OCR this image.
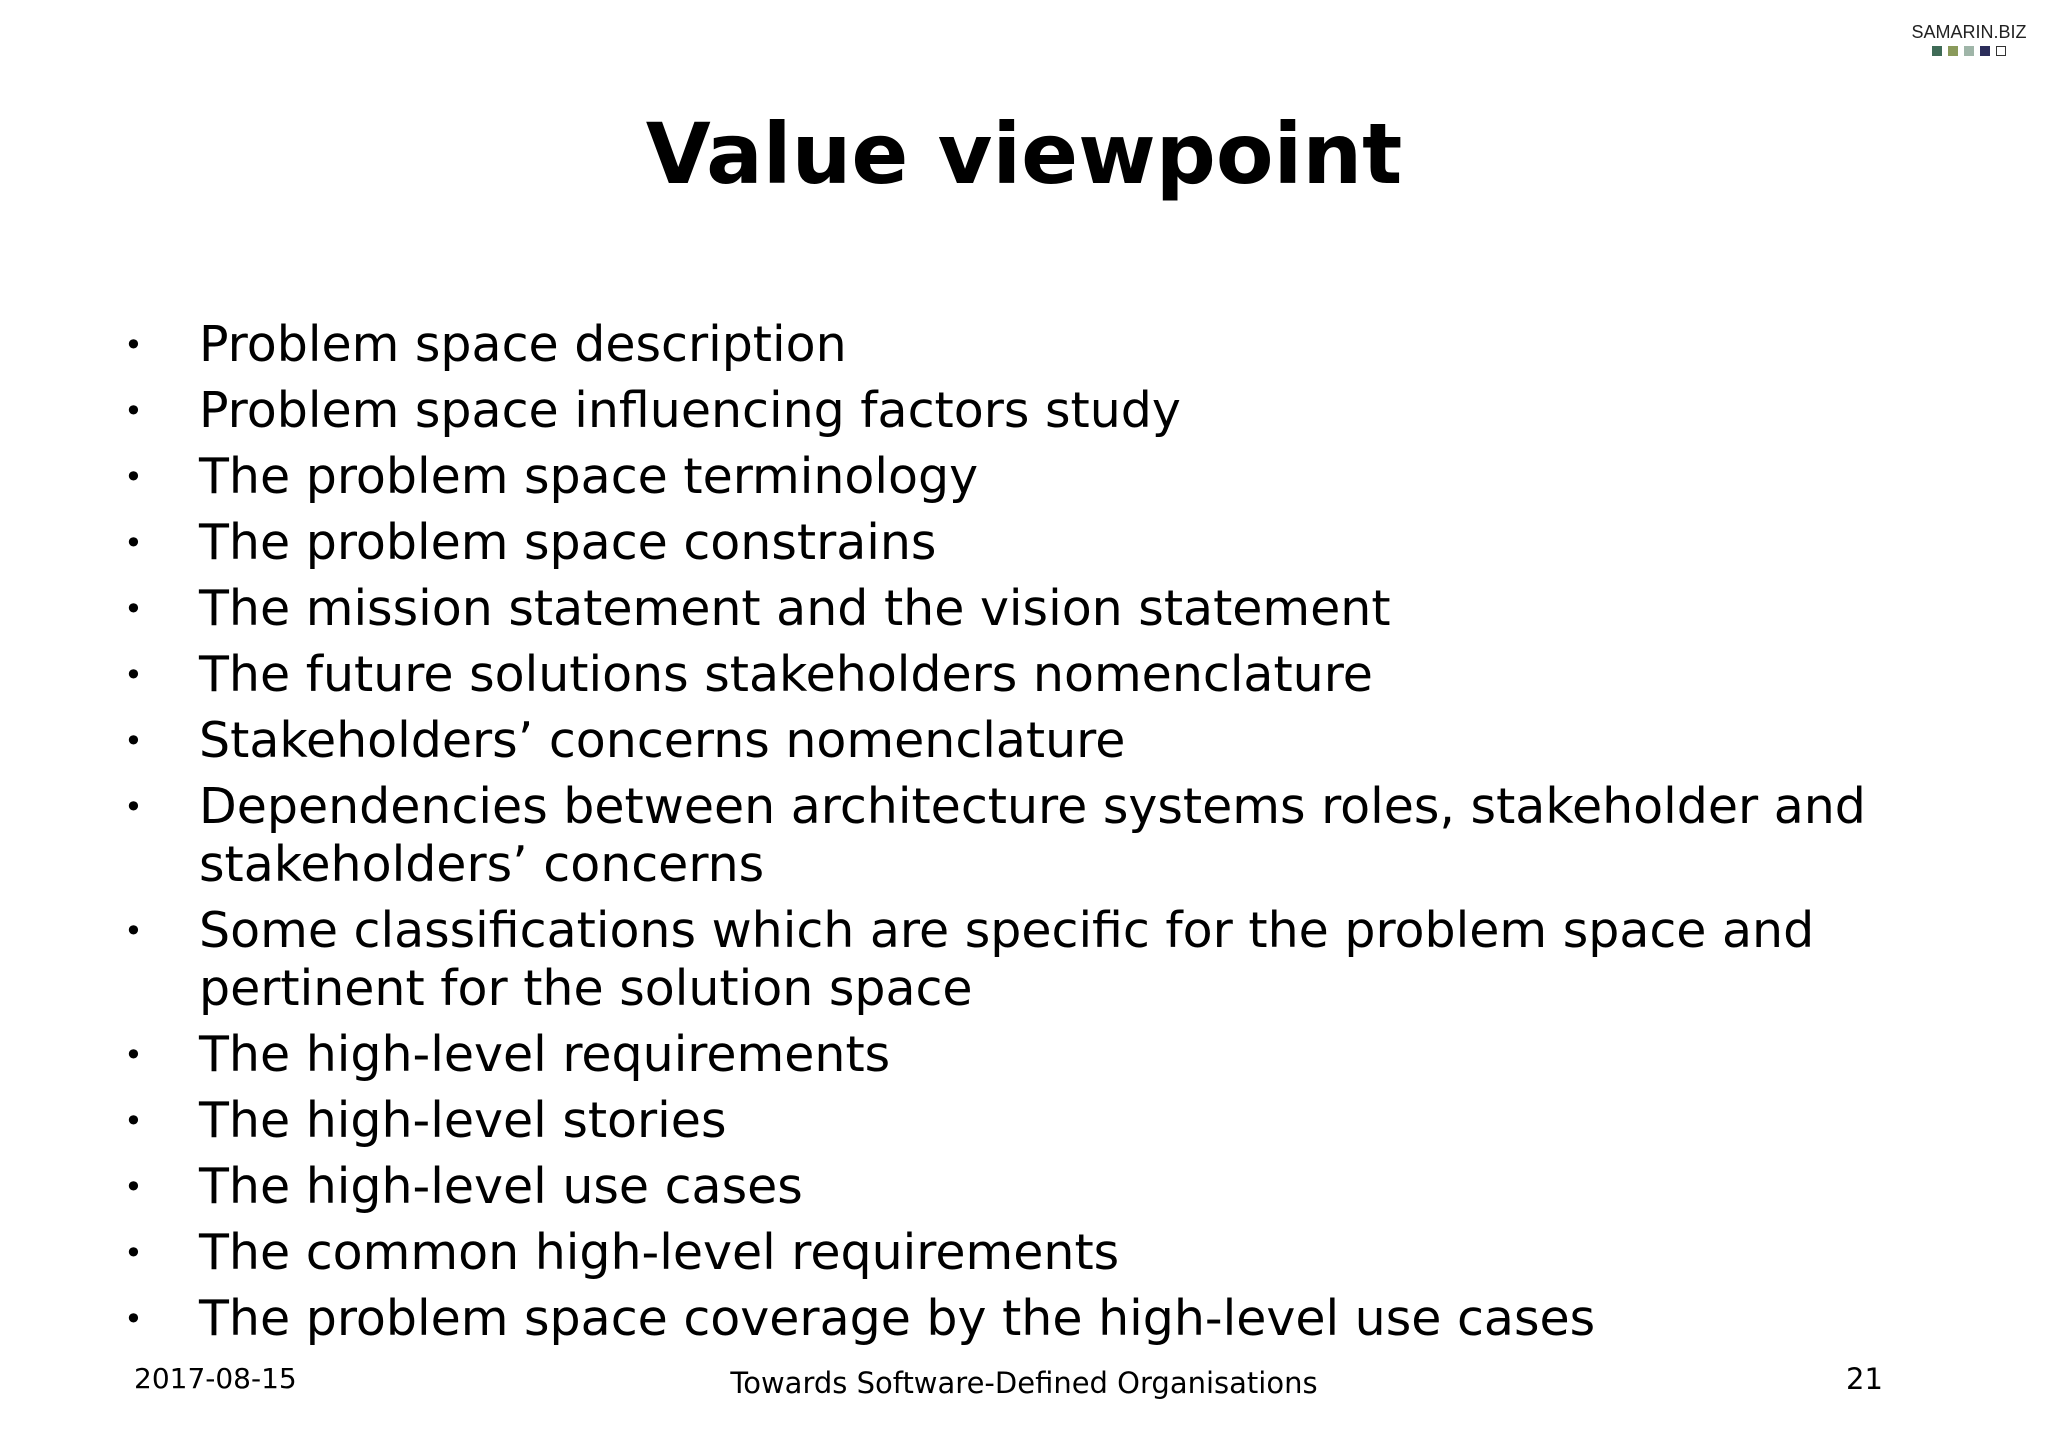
SAMARIN.BIZ
Value viewpoint
• Problem space description
• Problem space influencing factors study
• The problem space terminology
• The problem space constrains
• The mission statement and the vision statement
• The future solutions stakeholders nomenclature
• Stakeholders’ concerns nomenclature
• Dependencies between architecture systems roles, stakeholder and stakeholders’ concerns
• Some classifications which are specific for the problem space and pertinent for the solution space
• The high-level requirements
• The high-level stories
• The high-level use cases
• The common high-level requirements
• The problem space coverage by the high-level use cases
2017-08-15	Towards Software-Defined Organisations	21
